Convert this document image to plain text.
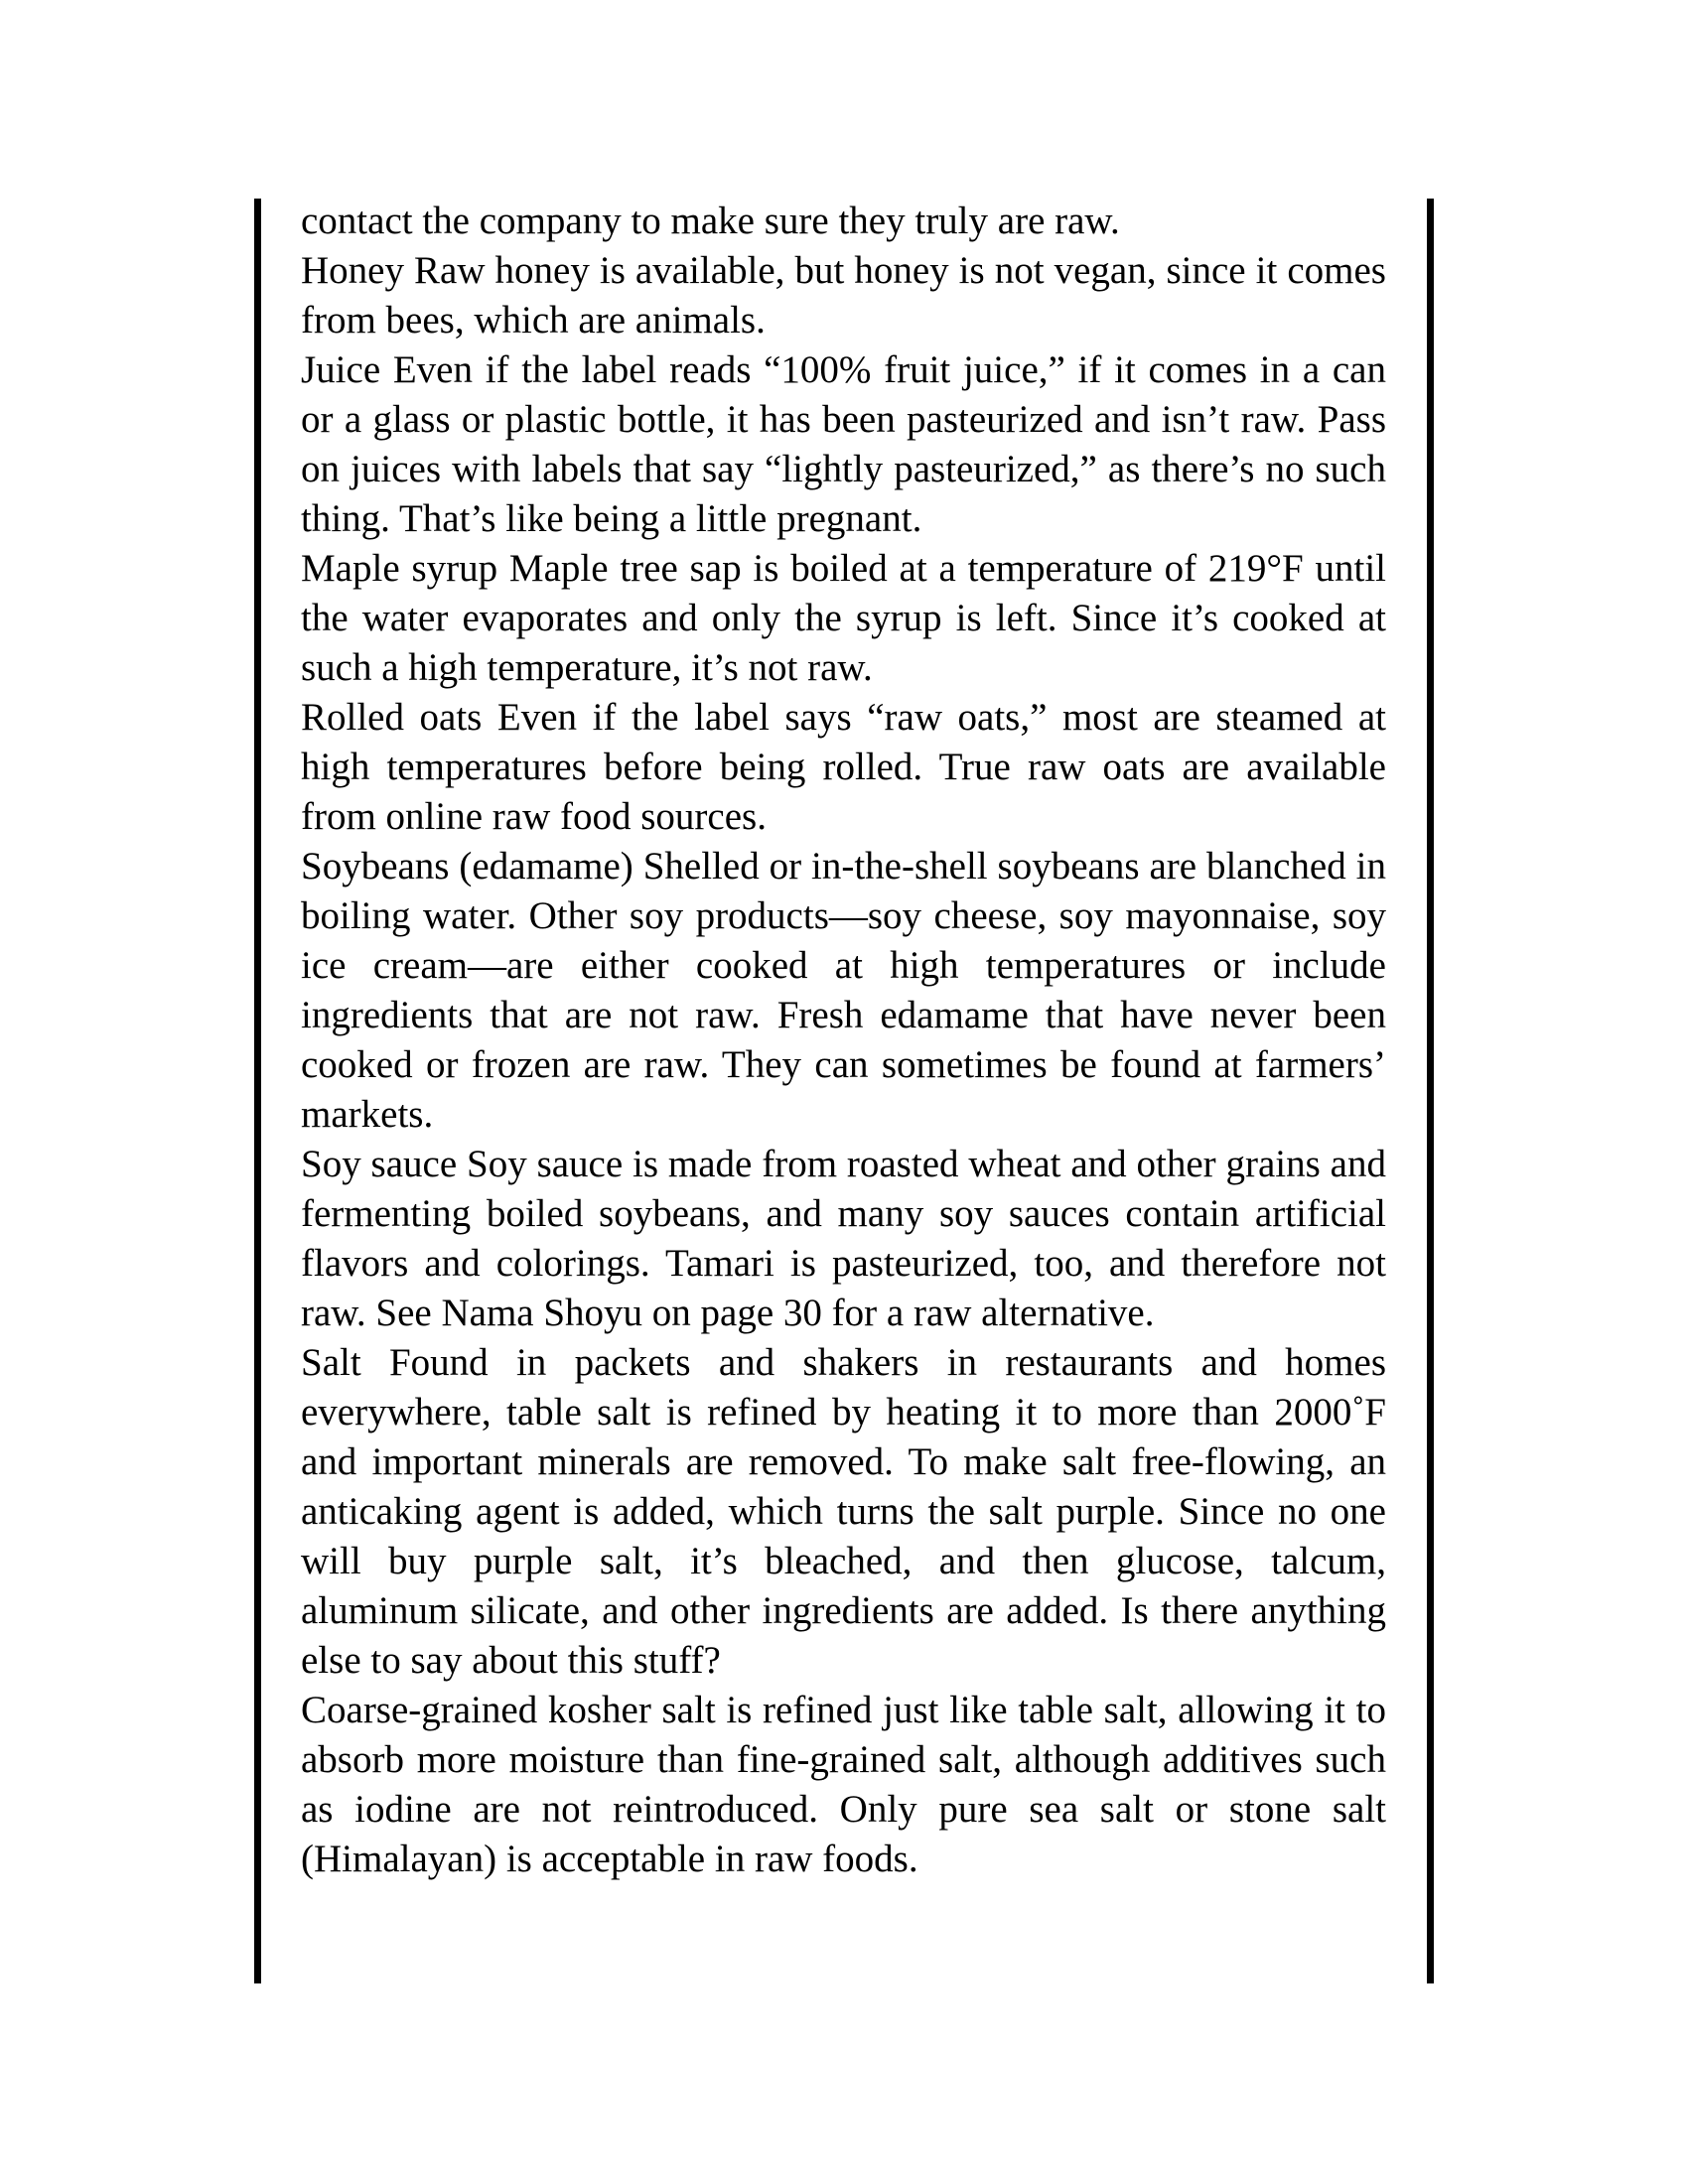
contact the company to make sure they truly are raw.

Honey Raw honey is available, but honey is not vegan, since it comes from bees, which are animals.

Juice Even if the label reads “100% fruit juice,” if it comes in a can or a glass or plastic bottle, it has been pasteurized and isn’t raw. Pass on juices with labels that say “lightly pasteurized,” as there’s no such thing. That’s like being a little pregnant.

Maple syrup Maple tree sap is boiled at a temperature of 219°F until the water evaporates and only the syrup is left. Since it’s cooked at such a high temperature, it’s not raw.

Rolled oats Even if the label says “raw oats,” most are steamed at high temperatures before being rolled. True raw oats are available from online raw food sources.

Soybeans (edamame) Shelled or in-the-shell soybeans are blanched in boiling water. Other soy products—soy cheese, soy mayonnaise, soy ice cream—are either cooked at high temperatures or include ingredients that are not raw. Fresh edamame that have never been cooked or frozen are raw. They can sometimes be found at farmers’ markets.

Soy sauce Soy sauce is made from roasted wheat and other grains and fermenting boiled soybeans, and many soy sauces contain artificial flavors and colorings. Tamari is pasteurized, too, and therefore not raw. See Nama Shoyu on page 30 for a raw alternative.

Salt Found in packets and shakers in restaurants and homes everywhere, table salt is refined by heating it to more than 2000˚F and important minerals are removed. To make salt free-flowing, an anticaking agent is added, which turns the salt purple. Since no one will buy purple salt, it’s bleached, and then glucose, talcum, aluminum silicate, and other ingredients are added. Is there anything else to say about this stuff?

Coarse-grained kosher salt is refined just like table salt, allowing it to absorb more moisture than fine-grained salt, although additives such as iodine are not reintroduced. Only pure sea salt or stone salt (Himalayan) is acceptable in raw foods.
